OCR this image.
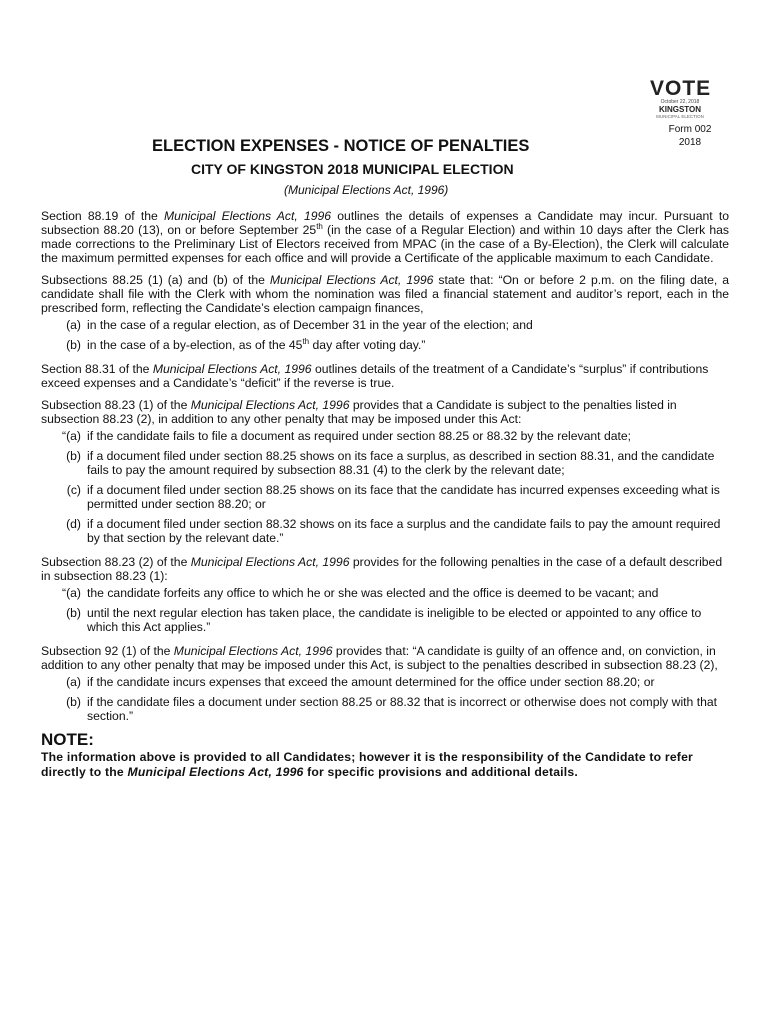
VOTE
October 22, 2018
KINGSTON
MUNICIPAL ELECTION
Form 002
2018
ELECTION EXPENSES - NOTICE OF PENALTIES
CITY OF KINGSTON 2018 MUNICIPAL ELECTION
(Municipal Elections Act, 1996)

Section 88.19 of the Municipal Elections Act, 1996 outlines the details of expenses a Candidate may incur. Pursuant to subsection 88.20 (13), on or before September 25th (in the case of a Regular Election) and within 10 days after the Clerk has made corrections to the Preliminary List of Electors received from MPAC (in the case of a By-Election), the Clerk will calculate the maximum permitted expenses for each office and will provide a Certificate of the applicable maximum to each Candidate.

Subsections 88.25 (1) (a) and (b) of the Municipal Elections Act, 1996 state that: “On or before 2 p.m. on the filing date, a candidate shall file with the Clerk with whom the nomination was filed a financial statement and auditor’s report, each in the prescribed form, reflecting the Candidate’s election campaign finances,

(a) in the case of a regular election, as of December 31 in the year of the election; and
(b) in the case of a by-election, as of the 45th day after voting day.”

Section 88.31 of the Municipal Elections Act, 1996 outlines details of the treatment of a Candidate’s “surplus” if contributions exceed expenses and a Candidate’s “deficit” if the reverse is true.

Subsection 88.23 (1) of the Municipal Elections Act, 1996 provides that a Candidate is subject to the penalties listed in subsection 88.23 (2), in addition to any other penalty that may be imposed under this Act:

“(a) if the candidate fails to file a document as required under section 88.25 or 88.32 by the relevant date;
(b) if a document filed under section 88.25 shows on its face a surplus, as described in section 88.31, and the candidate fails to pay the amount required by subsection 88.31 (4) to the clerk by the relevant date;
(c) if a document filed under section 88.25 shows on its face that the candidate has incurred expenses exceeding what is permitted under section 88.20; or
(d) if a document filed under section 88.32 shows on its face a surplus and the candidate fails to pay the amount required by that section by the relevant date.”

Subsection 88.23 (2) of the Municipal Elections Act, 1996 provides for the following penalties in the case of a default described in subsection 88.23 (1):

“(a) the candidate forfeits any office to which he or she was elected and the office is deemed to be vacant; and
(b) until the next regular election has taken place, the candidate is ineligible to be elected or appointed to any office to which this Act applies.”

Subsection 92 (1) of the Municipal Elections Act, 1996 provides that: “A candidate is guilty of an offence and, on conviction, in addition to any other penalty that may be imposed under this Act, is subject to the penalties described in subsection 88.23 (2),

(a) if the candidate incurs expenses that exceed the amount determined for the office under section 88.20; or
(b) if the candidate files a document under section 88.25 or 88.32 that is incorrect or otherwise does not comply with that section.”
NOTE:

The information above is provided to all Candidates; however it is the responsibility of the Candidate to refer directly to the Municipal Elections Act, 1996 for specific provisions and additional details.
